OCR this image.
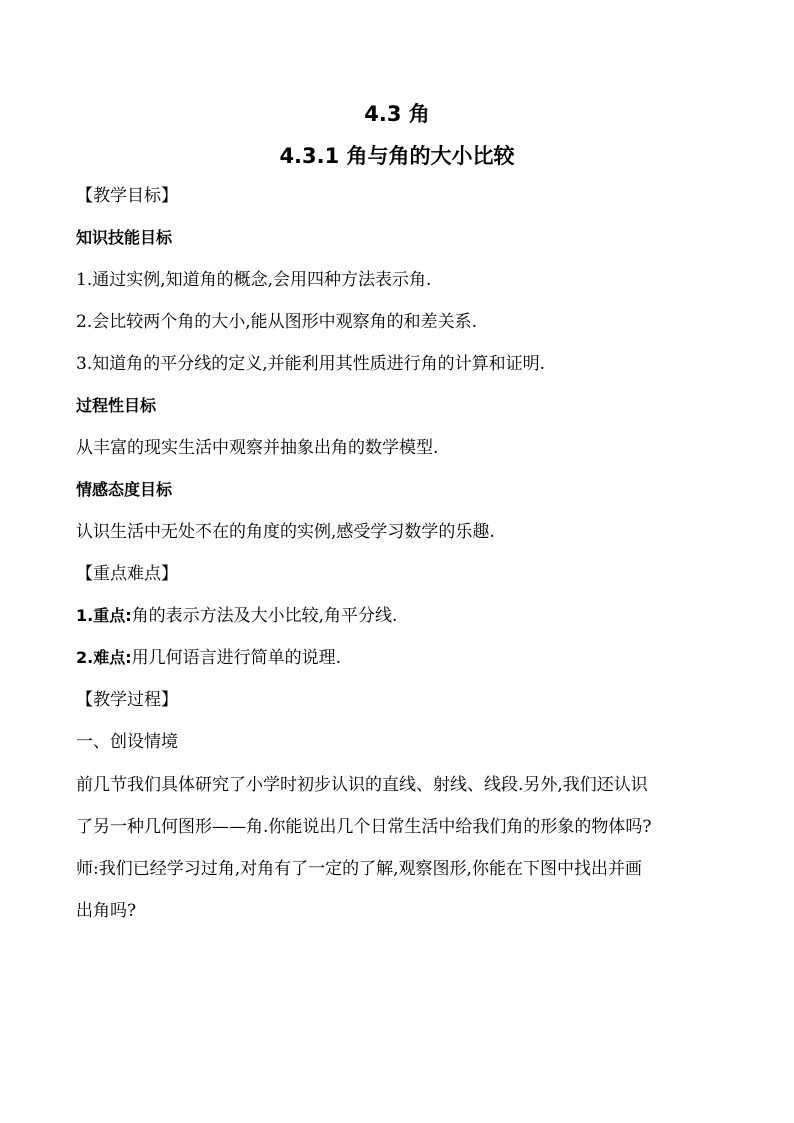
4.3 角
4.3.1 角与角的大小比较

【教学目标】

知识技能目标

1.通过实例,知道角的概念,会用四种方法表示角.

2.会比较两个角的大小,能从图形中观察角的和差关系.

3.知道角的平分线的定义,并能利用其性质进行角的计算和证明.

过程性目标

从丰富的现实生活中观察并抽象出角的数学模型.

情感态度目标

认识生活中无处不在的角度的实例,感受学习数学的乐趣.

【重点难点】

1.重点:角的表示方法及大小比较,角平分线.

2.难点:用几何语言进行简单的说理.

【教学过程】

一、创设情境

前几节我们具体研究了小学时初步认识的直线、射线、线段.另外,我们还认识
了另一种几何图形——角.你能说出几个日常生活中给我们角的形象的物体吗?
师:我们已经学习过角,对角有了一定的了解,观察图形,你能在下图中找出并画
出角吗?
